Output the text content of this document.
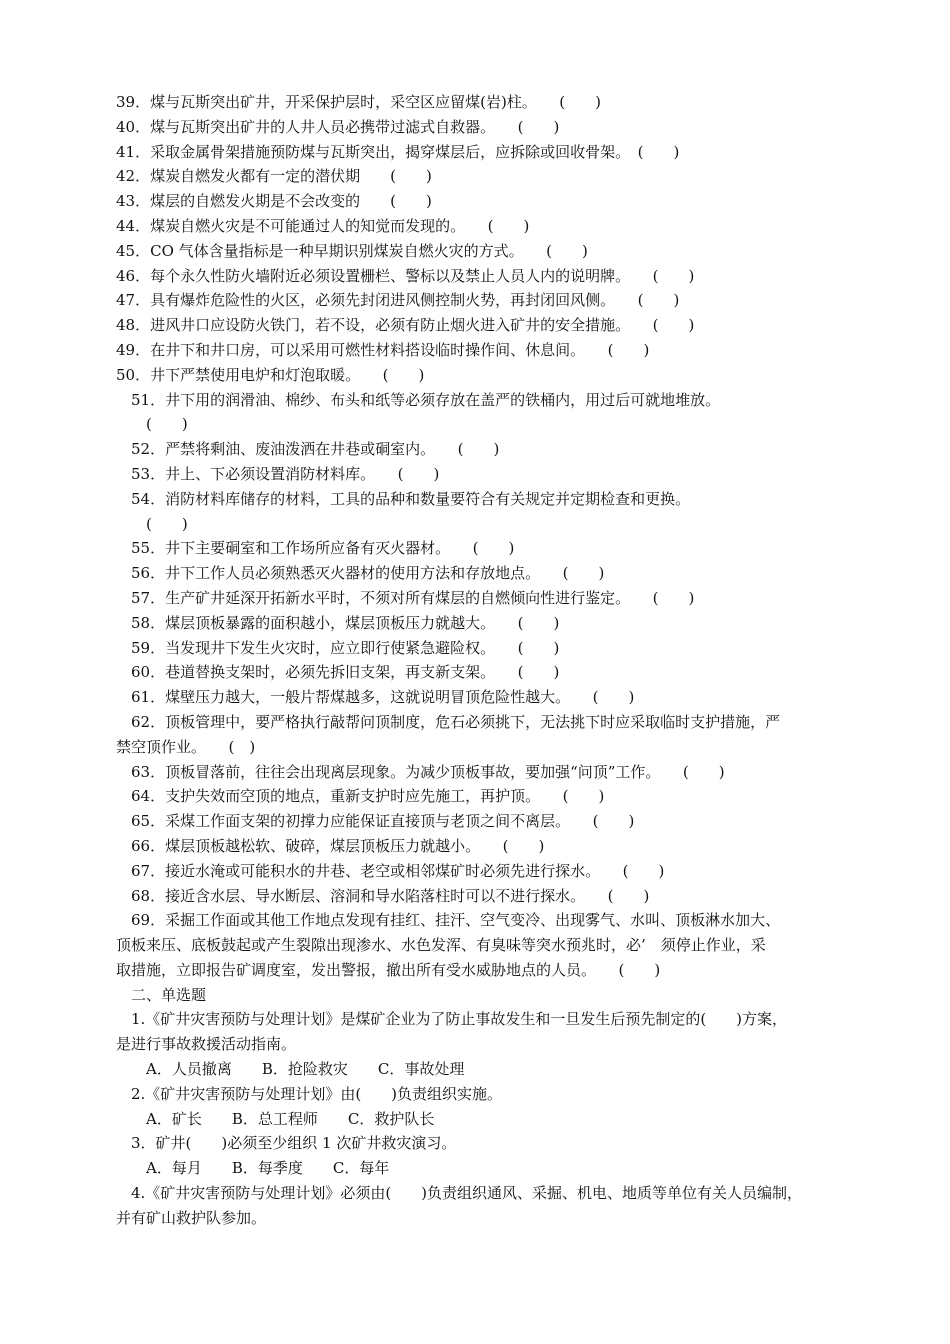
39．煤与瓦斯突出矿井，开采保护层时，采空区应留煤(岩)柱。　　(　　)
40．煤与瓦斯突出矿井的人井人员必携带过滤式自救器。　　(　　)
41．采取金属骨架措施预防煤与瓦斯突出，揭穿煤层后，应拆除或回收骨架。　(　　)
42．煤炭自燃发火都有一定的潜伏期　　(　　)
43．煤层的自燃发火期是不会改变的　　(　　)
44．煤炭自燃火灾是不可能通过人的知觉而发现的。　　(　　)
45．CO 气体含量指标是一种早期识别煤炭自燃火灾的方式。　　(　　)
46．每个永久性防火墙附近必须设置栅栏、警标以及禁止人员人内的说明牌。　　(　　)
47．具有爆炸危险性的火区，必须先封闭进风侧控制火势，再封闭回风侧。　　(　　)
48．进风井口应设防火铁门，若不设，必须有防止烟火进入矿井的安全措施。　　(　　)
49．在井下和井口房，可以采用可燃性材料搭设临时操作间、休息间。　　(　　)
50．井下严禁使用电炉和灯泡取暖。　　(　　)
51．井下用的润滑油、棉纱、布头和纸等必须存放在盖严的铁桶内，用过后可就地堆放。
(　　)
52．严禁将剩油、废油泼洒在井巷或硐室内。　　(　　)
53．井上、下必须设置消防材料库。　　(　　)
54．消防材料库储存的材料，工具的品种和数量要符合有关规定并定期检查和更换。
(　　)
55．井下主要硐室和工作场所应备有灭火器材。　　(　　)
56．井下工作人员必须熟悉灭火器材的使用方法和存放地点。　　(　　)
57．生产矿井延深开拓新水平时，不须对所有煤层的自燃倾向性进行鉴定。　　(　　)
58．煤层顶板暴露的面积越小，煤层顶板压力就越大。　　(　　)
59．当发现井下发生火灾时，应立即行使紧急避险权。　　(　　)
60．巷道替换支架时，必须先拆旧支架，再支新支架。　　(　　)
61．煤壁压力越大，一般片帮煤越多，这就说明冒顶危险性越大。　　(　　)
62．顶板管理中，要严格执行敲帮问顶制度，危石必须挑下，无法挑下时应采取临时支护措施，严
禁空顶作业。　　(　)
63．顶板冒落前，往往会出现离层现象。为减少顶板事故，要加强“问顶”工作。　　(　　)
64．支护失效而空顶的地点，重新支护时应先施工，再护顶。　　(　　)
65．采煤工作面支架的初撑力应能保证直接顶与老顶之间不离层。　　(　　)
66．煤层顶板越松软、破碎，煤层顶板压力就越小。　　(　　)
67．接近水淹或可能积水的井巷、老空或相邻煤矿时必须先进行探水。　　(　　)
68．接近含水层、导水断层、溶洞和导水陷落柱时可以不进行探水。　　(　　)
69．采掘工作面或其他工作地点发现有挂红、挂汗、空气变冷、出现雾气、水叫、顶板淋水加大、
顶板来压、底板鼓起或产生裂隙出现渗水、水色发浑、有臭味等突水预兆时，必’　须停止作业，采
取措施，立即报告矿调度室，发出警报，撤出所有受水威胁地点的人员。　　(　　)
二、单选题
1.《矿井灾害预防与处理计划》是煤矿企业为了防止事故发生和一旦发生后预先制定的(　　)方案，
是进行事故救援活动指南。
A．人员撤离　　B．抢险救灾　　C．事故处理
2.《矿井灾害预防与处理计划》由(　　)负责组织实施。
A．矿长　　B．总工程师　　C．救护队长
3．矿井(　　)必须至少组织 1 次矿井救灾演习。
A．每月　　B．每季度　　C．每年
4.《矿井灾害预防与处理计划》必须由(　　)负责组织通风、采掘、机电、地质等单位有关人员编制，
并有矿山救护队参加。
